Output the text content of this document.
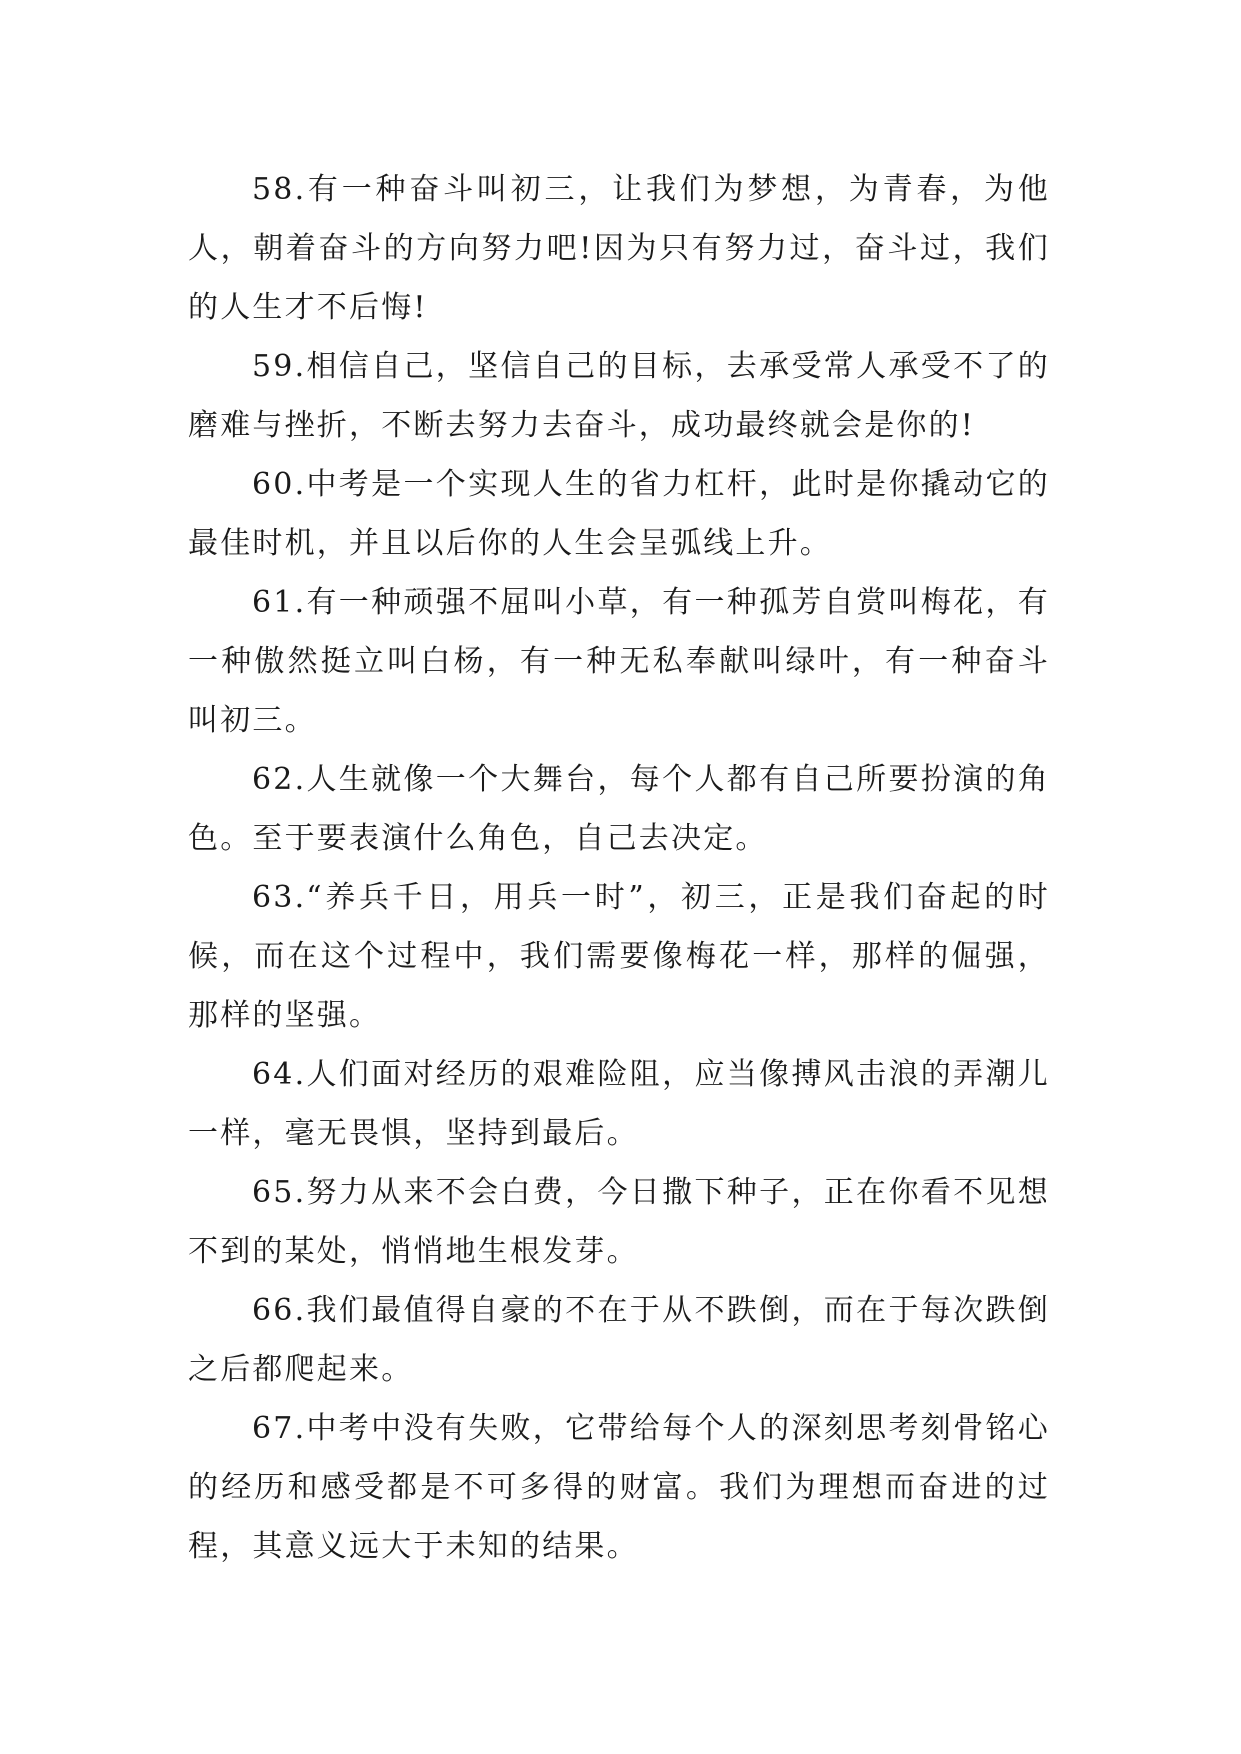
58.有一种奋斗叫初三，让我们为梦想，为青春，为他人，朝着奋斗的方向努力吧!因为只有努力过，奋斗过，我们的人生才不后悔!

59.相信自己，坚信自己的目标，去承受常人承受不了的磨难与挫折，不断去努力去奋斗，成功最终就会是你的!

60.中考是一个实现人生的省力杠杆，此时是你撬动它的最佳时机，并且以后你的人生会呈弧线上升。

61.有一种顽强不屈叫小草，有一种孤芳自赏叫梅花，有一种傲然挺立叫白杨，有一种无私奉献叫绿叶，有一种奋斗叫初三。

62.人生就像一个大舞台，每个人都有自己所要扮演的角色。至于要表演什么角色，自己去决定。

63.“养兵千日，用兵一时”，初三，正是我们奋起的时候，而在这个过程中，我们需要像梅花一样，那样的倔强，那样的坚强。

64.人们面对经历的艰难险阻，应当像搏风击浪的弄潮儿一样，毫无畏惧，坚持到最后。

65.努力从来不会白费，今日撒下种子，正在你看不见想不到的某处，悄悄地生根发芽。

66.我们最值得自豪的不在于从不跌倒，而在于每次跌倒之后都爬起来。

67.中考中没有失败，它带给每个人的深刻思考刻骨铭心的经历和感受都是不可多得的财富。我们为理想而奋进的过程，其意义远大于未知的结果。
